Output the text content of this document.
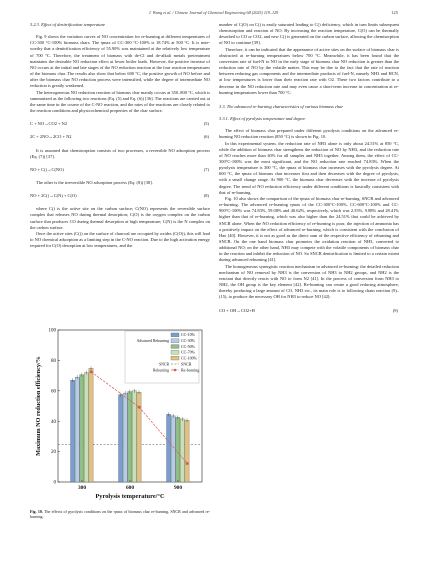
J. Wang et al. / Chinese Journal of Chemical Engineering 68 (2025) 119–129	125
3.2.3. Effect of denitrification temperature

Fig. 9 shows the variation curves of NO concentration for re-burning at different temperatures of CC-300 °C-100% biomass chars. The ηmax of CC-300 °C-100% is 18.74% at 500 °C. It is note-worthy that a denitrification efficiency of 55.90% was maintained at the relatively low temperature of 700 °C. Therefore, the treatment of biomass with de-Cl and de-alkali metals pretreatment maintains the desirable NO reduction effect at lower boiler loads. However, the positive increase of NO occurs at the initial and late stages of the NO reduction reaction at the four reaction temperatures of the biomass char. The results also show that below 600 °C, the positive growth of NO before and after the biomass char NO reduction process were intensified, while the degree of intermediate NO reduction is greatly weakened.

The heterogeneous NO reduction reaction of biomass char mainly occurs at 350–800 °C, which is summarized as the following two reactions (Eq. (5) and Eq. (6)) [36]. The reactions are carried out at the same time in the course of the C-NO reaction, and the rates of the reactions are closely related to the reaction conditions and physicochemical properties of the char surface.

C + NO→CO2 + N2	(5)
2C + 2NO→2CO + N2	(6)

It is assumed that chemisorption consists of two processes, a reversible NO adsorption process (Eq. (7)) [37].

NO + C()→C(NO)	(7)

The other is the irreversible NO adsorption process (Eq. (8)) [38].

NO + 2C()→C(N) + C(O)	(8)

where C() is the active site on the carbon surface; C(NO) represents the reversible surface complex that releases NO during thermal desorption; C(O) is the oxygen complex on the carbon surface that produces CO during thermal desorption at high temperature; C(N) is the N complex on the carbon surface.

Once the active sites (C()) on the surface of charcoal are occupied by oxides (C(O)), this will lead to NO chemical adsorption as a limiting step in the C-NO reaction. Due to the high activation energy required for C(O) desorption at low temperatures, and the

0
20
40
60
80
100
300	600	900
Pyrolysis temperature/°C
Maximum NO reduction efficiency/%
CC-10%
CC-30%
CC-50%
CC-70%
CC-100%
Advanced Reburning
SNCR
SNCR
Re-burning
Reburning
Fig. 10. The effects of pyrolysis conditions on the ηmax of biomass char re-burning, SNCR and advanced re-burning.

number of C(O) on C() is easily saturated leading to C() deficiency, which in turn limits subsequent chemisorption and reaction of NO. By increasing the reaction temperature, C(O) can be thermally desorbed to CO or CO2, and new C() is generated on the carbon surface, allowing the chemisorption of NO to continue [39].

Therefore, it can be indicated that the appearance of active sites on the surface of biomass char is obstructed at re-burning temperatures below 700 °C. Meanwhile, it has been found that the conversion rate of fuel-N to NO in the early stage of biomass char NO reduction is greater than the reduction rate of NO by the volatile matter. This may be due to the fact that the rate of reaction between reducing gas components and the intermediate products of fuel-N, namely NH3 and HCN, at low temperatures is lower than their reaction rate with O2. These two factors contribute to a decrease in the NO reduction rate and may even cause a short-term increase in concentration at re-burning temperatures lower than 700 °C.

3.3. The advanced re-burning characteristics of various biomass char
3.3.1. Effect of pyrolysis temperature and degree

The effect of biomass char prepared under different pyrolysis conditions on the advanced re-burning NO reduction reaction (850 °C) is shown in Fig. 10.

In this experimental system, the reduction rate of NH3 alone is only about 24.51% at 850 °C, while the addition of biomass char strengthens the reduction of NO by NH3, and the reduction rate of NO reaches more than 40% for all samples and NH3 together. Among them, the effect of CC-300°C-100% was the most significant, and the NO reduction rate reached 74.83%. When the pyrolysis temperature is 300 °C, the ηmax of biomass char increases with the pyrolysis degree. At 600 °C, the ηmax of biomass char increases first and then decreases with the degree of pyrolysis, with a small change range. At 900 °C, the biomass char decreases with the increase of pyrolysis degree. The trend of NO reduction efficiency under different conditions is basically consistent with that of re-burning.

Fig. 10 also shows the comparison of the ηmax of biomass char re-burning, SNCR and advanced re-burning. The advanced re-burning ηmax of the CC-300°C-100%, CC-600°C-100% and CC-900°C-100% was 74.83%, 59.08% and 40.62%, respectively, which was 2.35%, 9.88% and 28.41% higher than that of re-burning, which was also higher than the 24.51% that could be achieved by SNCR alone. When the NO reduction efficiency of re-burning is poor, the injection of ammonia has a positively impact on the effect of advanced re-burning, which is consistent with the conclusion of Hao [40]. However, it is not as good as the direct sum of the respective efficiency of reburning and SNCR. On the one hand biomass char promotes the oxidation reaction of NH3, converted to additional NO; on the other hand, NH3 may compete with the volatile components of biomass char in the reaction and inhibit the reduction of NO. So SNCR denitrification is limited to a certain extent during advanced reburning [41].

The homogeneous synergistic reaction mechanism in advanced re-burning: the detailed reduction mechanism of NO removal by NH3 is the conversion of NH3 to NH2 groups, and NH2 is the reactant that directly reacts with NO to form N2 [41]. In the process of conversion from NH3 to NH2, the OH group is the key element [42]. Re-burning can create a good reducing atmosphere, thereby producing a large amount of CO, NH3 etc., its main role is to following chain reaction (9)–(15), to produce the necessary OH for NH3 to reduce NO [42]:

CO + OH→CO2+H	(9)
